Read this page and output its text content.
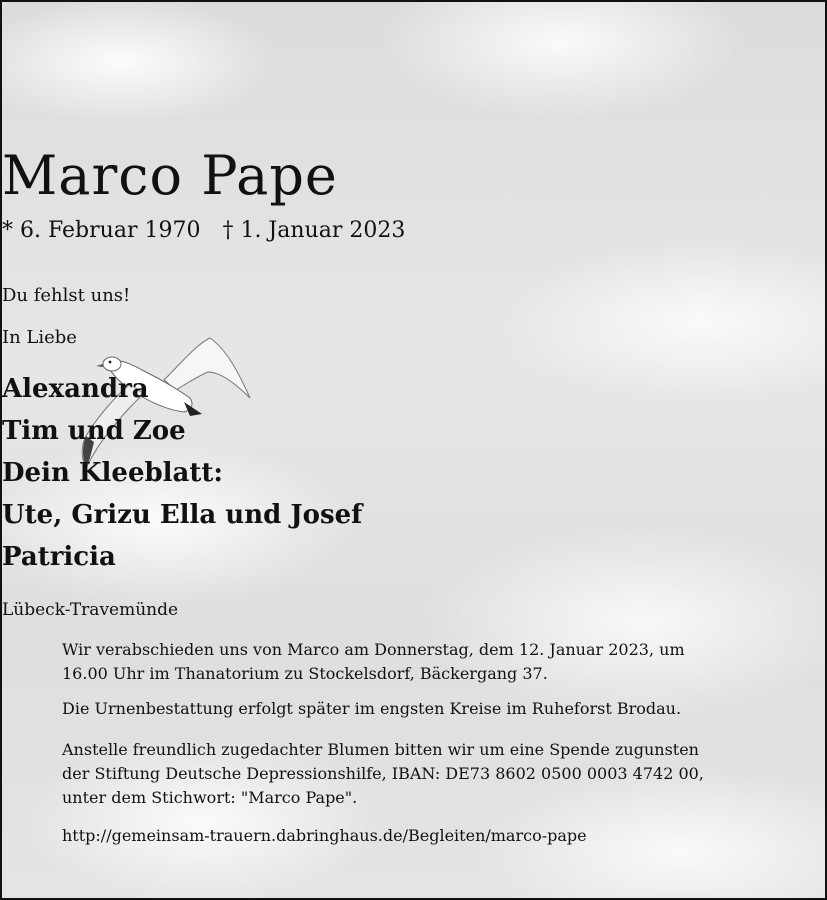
Marco Pape
* 6. Februar 1970 † 1. Januar 2023
Du fehlst uns!
In Liebe
Alexandra
Tim und Zoe
Dein Kleeblatt:
Ute, Grizu Ella und Josef
Patricia
Lübeck-Travemünde
Wir verabschieden uns von Marco am Donnerstag, dem 12. Januar 2023, um
16.00 Uhr im Thanatorium zu Stockelsdorf, Bäckergang 37.
Die Urnenbestattung erfolgt später im engsten Kreise im Ruheforst Brodau.
Anstelle freundlich zugedachter Blumen bitten wir um eine Spende zugunsten
der Stiftung Deutsche Depressionshilfe, IBAN: DE73 8602 0500 0003 4742 00,
unter dem Stichwort: "Marco Pape".
http://gemeinsam-trauern.dabringhaus.de/Begleiten/marco-pape
